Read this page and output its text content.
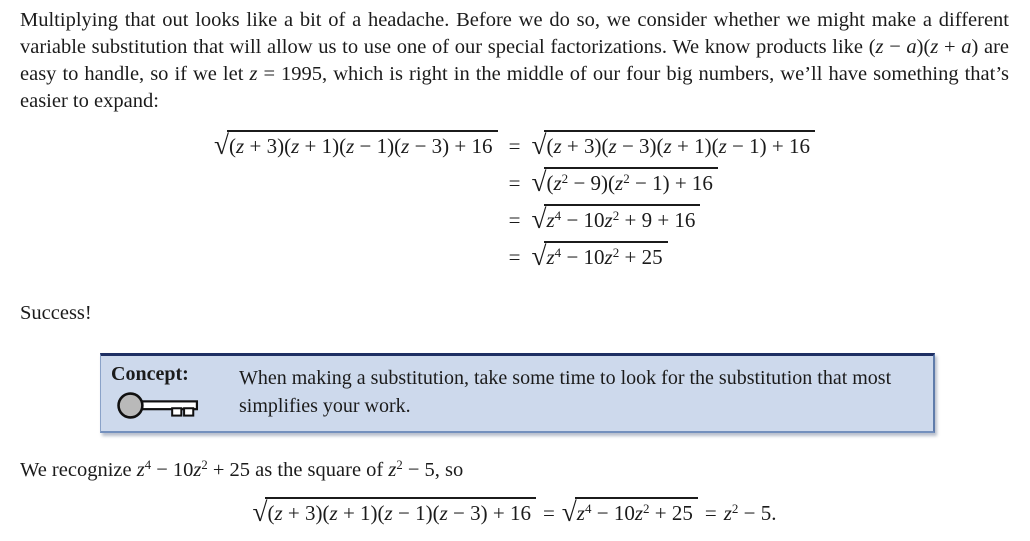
Multiplying that out looks like a bit of a headache. Before we do so, we consider whether we might make a different variable substitution that will allow us to use one of our special factorizations. We know products like (z − a)(z + a) are easy to handle, so if we let z = 1995, which is right in the middle of our four big numbers, we’ll have something that’s easier to expand:

√ (z + 3)(z + 1)(z − 1)(z − 3) + 16 = √ (z + 3)(z − 3)(z + 1)(z − 1) + 16
= √ $(z^2 - 9)(z^2 - 1) + 16$
= √ $z^4 - 10z^2 + 9 + 16$
= √ $z^4 - 10z^2 + 25$

Success!

Concept:	When making a substitution, take some time to look for the substitution that most simplifies your work.

We recognize $z^4 - 10z^2 + 25$ as the square of $z^2 - 5$, so

√ (z + 3)(z + 1)(z − 1)(z − 3) + 16 = √ $z^4 - 10z^2 + 25 = z^2 - 5$.
